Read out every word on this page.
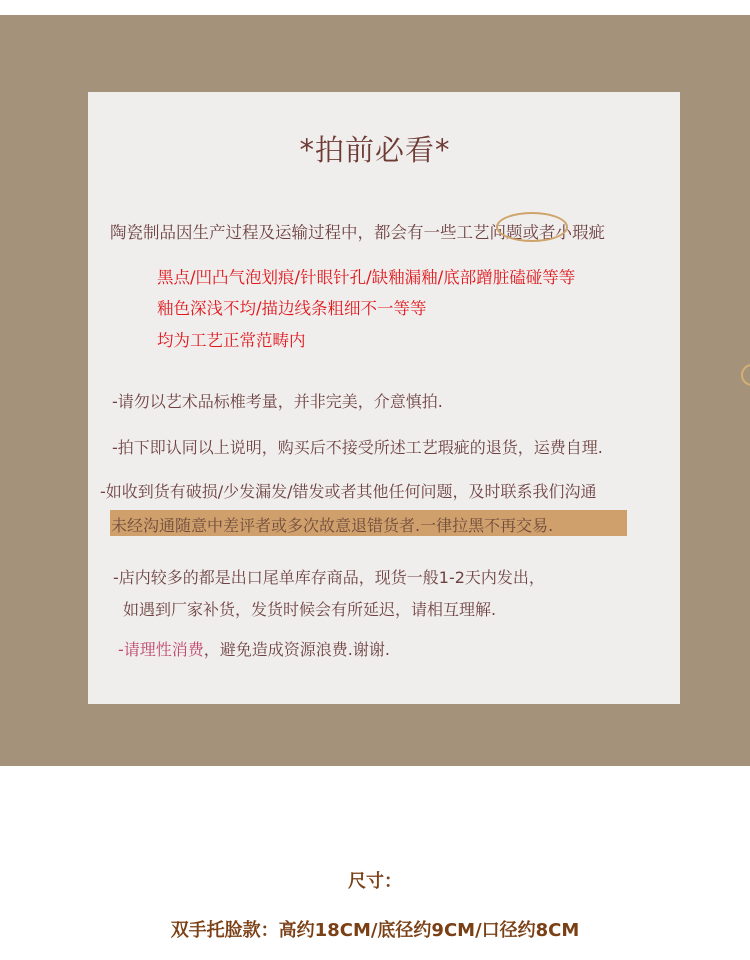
*拍前必看*
陶瓷制品因生产过程及运输过程中，都会有一些工艺问题或者小瑕疵
黑点/凹凸气泡划痕/针眼针孔/缺釉漏釉/底部蹭脏磕碰等等
釉色深浅不均/描边线条粗细不一等等
均为工艺正常范畴内
-请勿以艺术品标椎考量，并非完美，介意慎拍.
-拍下即认同以上说明，购买后不接受所述工艺瑕疵的退货，运费自理.
-如收到货有破损/少发漏发/错发或者其他任何问题，及时联系我们沟通
未经沟通随意中差评者或多次故意退错货者.一律拉黑不再交易.
-店内较多的都是出口尾单库存商品，现货一般1-2天内发出，
如遇到厂家补货，发货时候会有所延迟，请相互理解.
-请理性消费，避免造成资源浪费.谢谢.
尺寸：
双手托脸款：高约18CM/底径约9CM/口径约8CM
